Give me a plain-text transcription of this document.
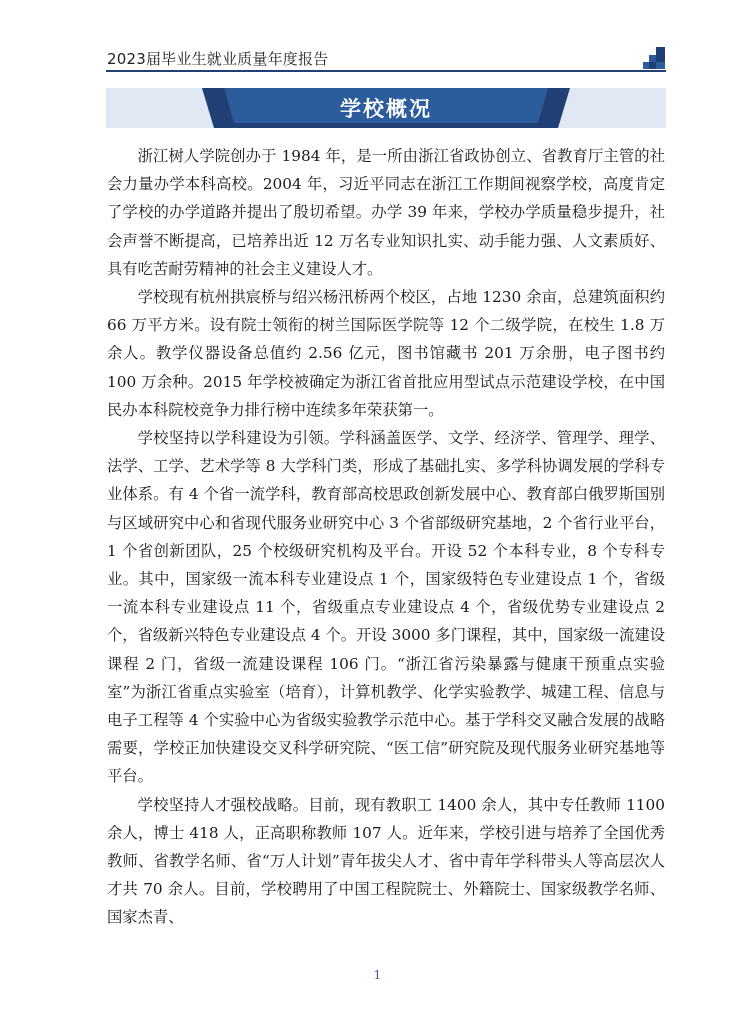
2023届毕业生就业质量年度报告
学校概况

浙江树人学院创办于 1984 年，是一所由浙江省政协创立、省教育厅主管的社会力量办学本科高校。2004 年，习近平同志在浙江工作期间视察学校，高度肯定了学校的办学道路并提出了殷切希望。办学 39 年来，学校办学质量稳步提升，社会声誉不断提高，已培养出近 12 万名专业知识扎实、动手能力强、人文素质好、具有吃苦耐劳精神的社会主义建设人才。

学校现有杭州拱宸桥与绍兴杨汛桥两个校区，占地 1230 余亩，总建筑面积约 66 万平方米。设有院士领衔的树兰国际医学院等 12 个二级学院，在校生 1.8 万余人。教学仪器设备总值约 2.56 亿元，图书馆藏书 201 万余册，电子图书约 100 万余种。2015 年学校被确定为浙江省首批应用型试点示范建设学校，在中国民办本科院校竞争力排行榜中连续多年荣获第一。

学校坚持以学科建设为引领。学科涵盖医学、文学、经济学、管理学、理学、法学、工学、艺术学等 8 大学科门类，形成了基础扎实、多学科协调发展的学科专业体系。有 4 个省一流学科，教育部高校思政创新发展中心、教育部白俄罗斯国别与区域研究中心和省现代服务业研究中心 3 个省部级研究基地，2 个省行业平台，1 个省创新团队，25 个校级研究机构及平台。开设 52 个本科专业，8 个专科专业。其中，国家级一流本科专业建设点 1 个，国家级特色专业建设点 1 个，省级一流本科专业建设点 11 个，省级重点专业建设点 4 个，省级优势专业建设点 2 个，省级新兴特色专业建设点 4 个。开设 3000 多门课程，其中，国家级一流建设课程 2 门，省级一流建设课程 106 门。“浙江省污染暴露与健康干预重点实验室”为浙江省重点实验室（培育），计算机教学、化学实验教学、城建工程、信息与电子工程等 4 个实验中心为省级实验教学示范中心。基于学科交叉融合发展的战略需要，学校正加快建设交叉科学研究院、“医工信”研究院及现代服务业研究基地等平台。

学校坚持人才强校战略。目前，现有教职工 1400 余人，其中专任教师 1100 余人，博士 418 人，正高职称教师 107 人。近年来，学校引进与培养了全国优秀教师、省教学名师、省“万人计划”青年拔尖人才、省中青年学科带头人等高层次人才共 70 余人。目前，学校聘用了中国工程院院士、外籍院士、国家级教学名师、国家杰青、

1
